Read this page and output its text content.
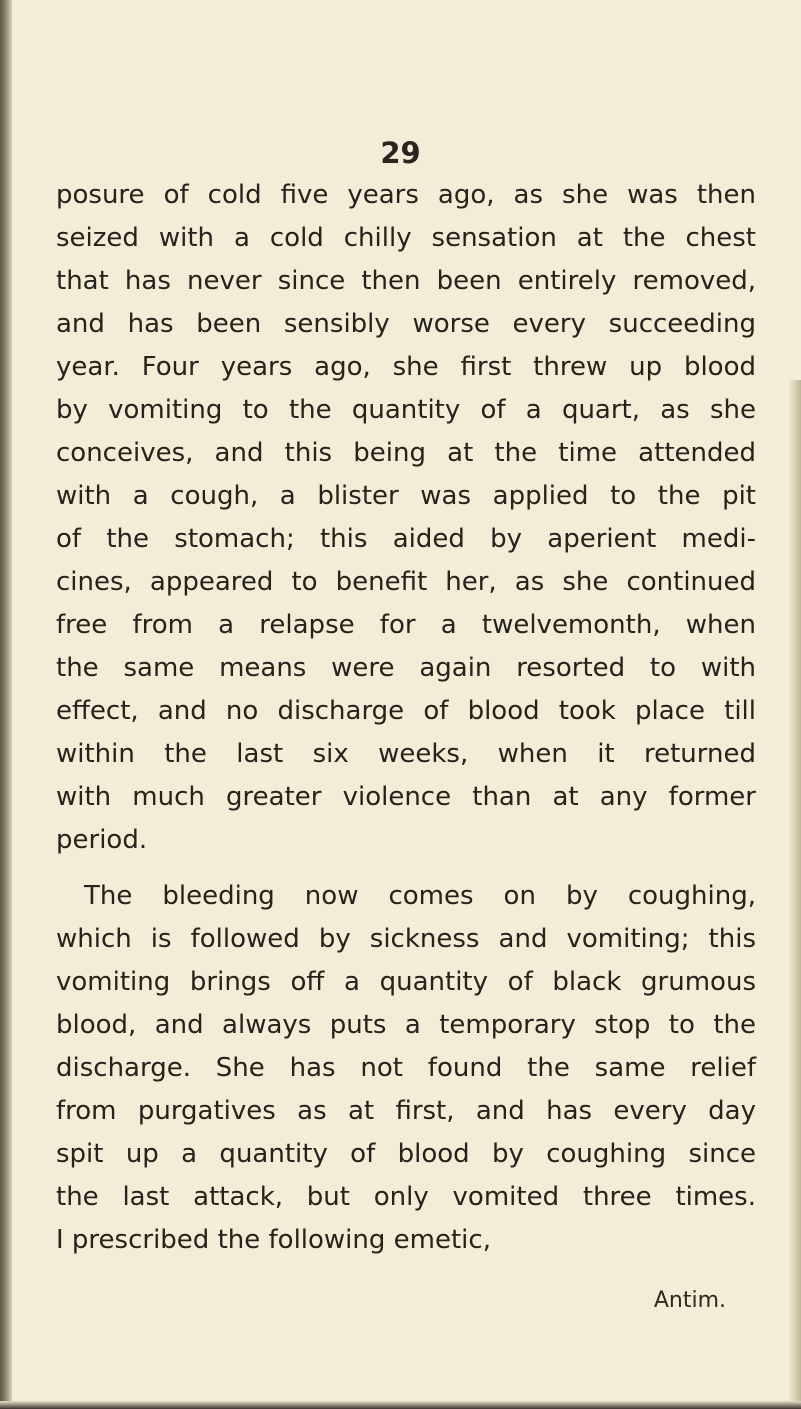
29
posure of cold five years ago, as she was then
seized with a cold chilly sensation at the chest
that has never since then been entirely removed,
and has been sensibly worse every succeeding
year. Four years ago, she first threw up blood
by vomiting to the quantity of a quart, as she
conceives, and this being at the time attended
with a cough, a blister was applied to the pit
of the stomach; this aided by aperient medi-
cines, appeared to benefit her, as she continued
free from a relapse for a twelvemonth, when
the same means were again resorted to with
effect, and no discharge of blood took place till
within the last six weeks, when it returned
with much greater violence than at any former
period.
The bleeding now comes on by coughing,
which is followed by sickness and vomiting; this
vomiting brings off a quantity of black grumous
blood, and always puts a temporary stop to the
discharge. She has not found the same relief
from purgatives as at first, and has every day
spit up a quantity of blood by coughing since
the last attack, but only vomited three times.
I prescribed the following emetic,
Antim.
